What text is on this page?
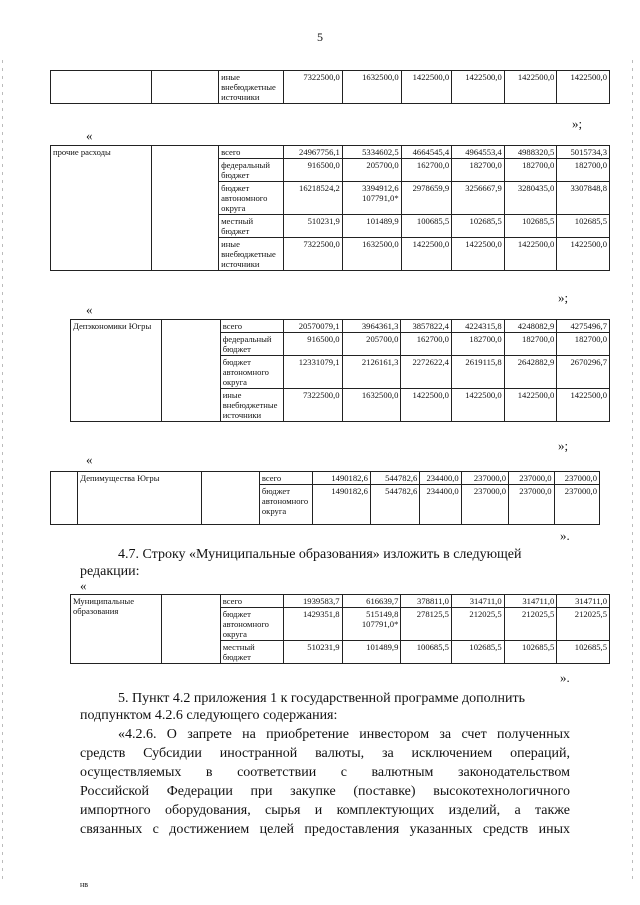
5
		иные внебюджетные источники	7322500,0	1632500,0	1422500,0	1422500,0	1422500,0	1422500,0

»;
«
прочие расходы		всего	24967756,1	5334602,5	4664545,4	4964553,4	4988320,5	5015734,3
		федеральный бюджет	916500,0	205700,0	162700,0	182700,0	182700,0	182700,0
		бюджет автономного округа	16218524,2	3394912,6 107791,0*	2978659,9	3256667,9	3280435,0	3307848,8
		местный бюджет	510231,9	101489,9	100685,5	102685,5	102685,5	102685,5
		иные внебюджетные источники	7322500,0	1632500,0	1422500,0	1422500,0	1422500,0	1422500,0
»;
«
Депэкономики Югры		всего	20570079,1	3964361,3	3857822,4	4224315,8	4248082,9	4275496,7
		федеральный бюджет	916500,0	205700,0	162700,0	182700,0	182700,0	182700,0
		бюджет автономного округа	12331079,1	2126161,3	2272622,4	2619115,8	2642882,9	2670296,7
		иные внебюджетные источники	7322500,0	1632500,0	1422500,0	1422500,0	1422500,0	1422500,0
»;
«
	Депимущества Югры		всего	1490182,6	544782,6	234400,0	237000,0	237000,0	237000,0
			бюджет автономного округа	1490182,6	544782,6	234400,0	237000,0	237000,0	237000,0
».
4.7. Строку «Муниципальные образования» изложить в следующей
редакции:
«
Муниципальные образования		всего	1939583,7	616639,7	378811,0	314711,0	314711,0	314711,0
		бюджет автономного округа	1429351,8	515149,8 107791,0*	278125,5	212025,5	212025,5	212025,5
		местный бюджет	510231,9	101489,9	100685,5	102685,5	102685,5	102685,5
».
5. Пункт 4.2 приложения 1 к государственной программе дополнить
подпунктом 4.2.6 следующего содержания:
«4.2.6. О запрете на приобретение инвестором за счет полученных
средств Субсидии иностранной валюты, за исключением операций,
осуществляемых в соответствии с валютным законодательством
Российской Федерации при закупке (поставке) высокотехнологичного
импортного оборудования, сырья и комплектующих изделий, а также
связанных с достижением целей предоставления указанных средств иных
нв
